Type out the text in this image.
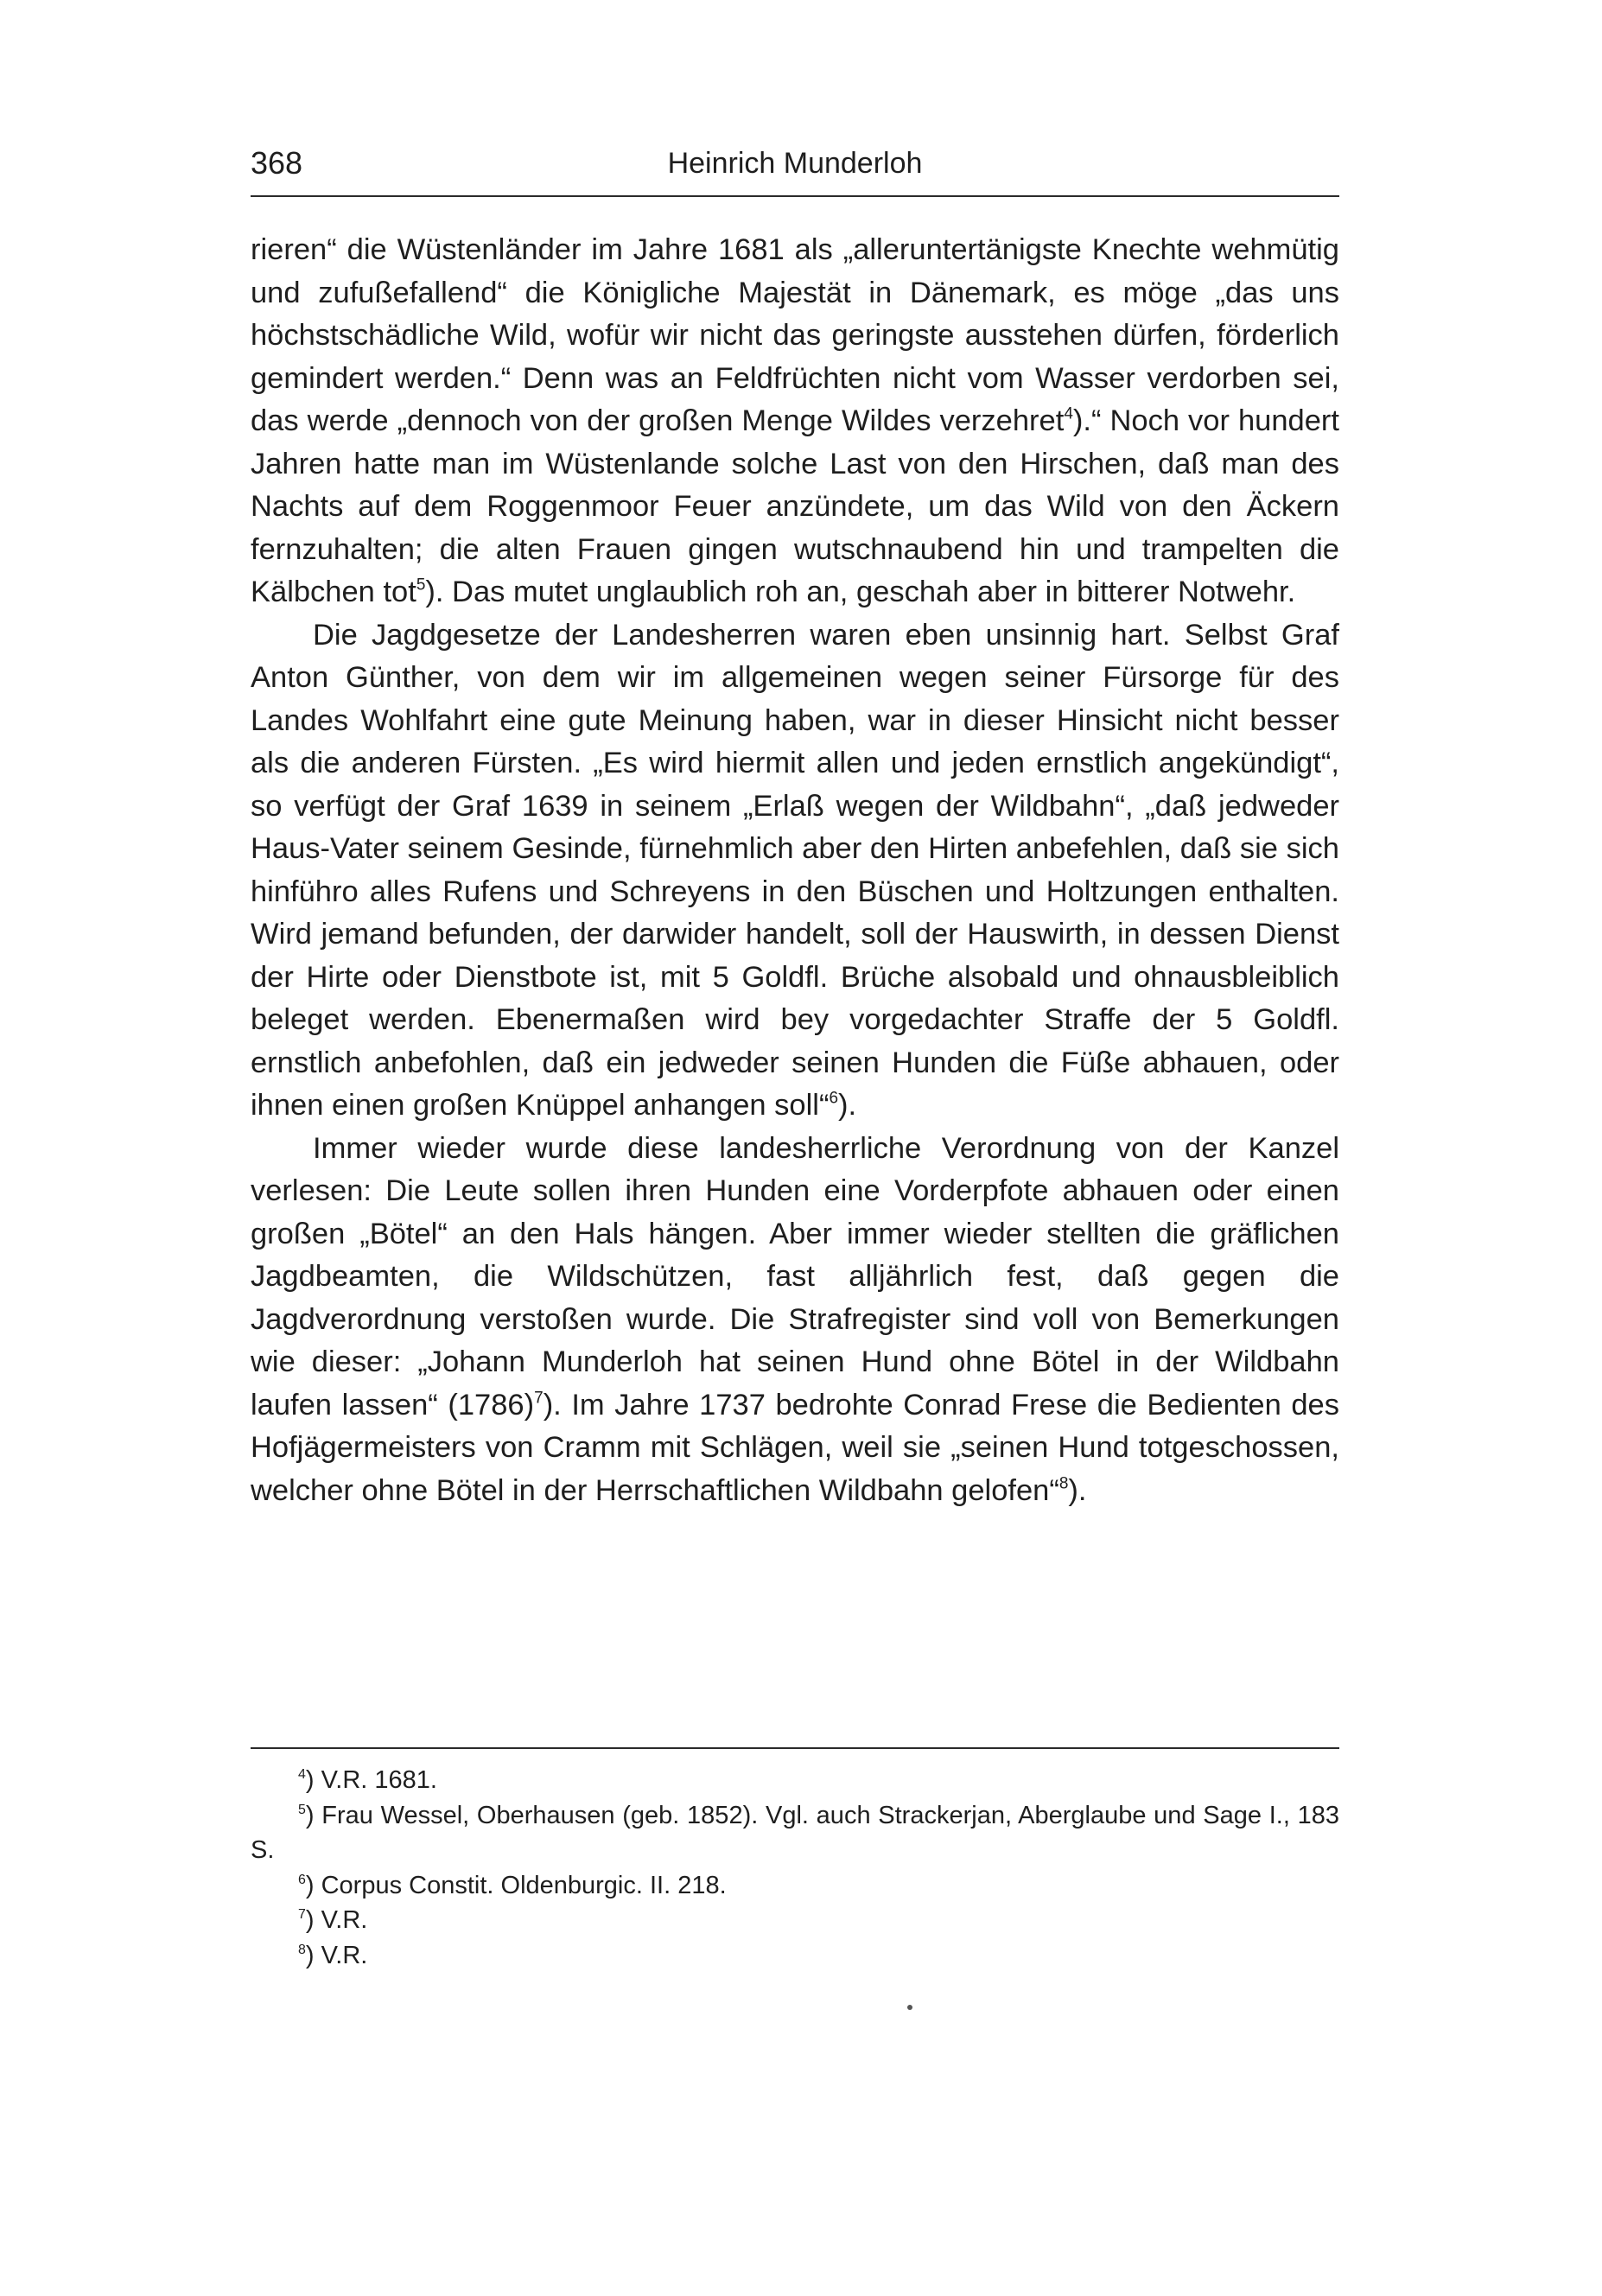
368	Heinrich Munderloh

rieren“ die Wüstenländer im Jahre 1681 als „alleruntertänigste Knechte wehmütig und zufußefallend“ die Königliche Majestät in Dänemark, es möge „das uns höchstschädliche Wild, wofür wir nicht das geringste ausstehen dürfen, förderlich gemindert werden.“ Denn was an Feldfrüchten nicht vom Wasser verdorben sei, das werde „dennoch von der großen Menge Wildes verzehret$^4$).“ Noch vor hundert Jahren hatte man im Wüstenlande solche Last von den Hirschen, daß man des Nachts auf dem Roggenmoor Feuer anzündete, um das Wild von den Äckern fernzuhalten; die alten Frauen gingen wutschnaubend hin und trampelten die Kälbchen tot$^5$). Das mutet unglaublich roh an, geschah aber in bitterer Notwehr.

Die Jagdgesetze der Landesherren waren eben unsinnig hart. Selbst Graf Anton Günther, von dem wir im allgemeinen wegen seiner Fürsorge für des Landes Wohlfahrt eine gute Meinung haben, war in dieser Hinsicht nicht besser als die anderen Fürsten. „Es wird hiermit allen und jeden ernstlich angekündigt“, so verfügt der Graf 1639 in seinem „Erlaß wegen der Wildbahn“, „daß jedweder Haus-Vater seinem Gesinde, fürnehmlich aber den Hirten anbefehlen, daß sie sich hinführo alles Rufens und Schreyens in den Büschen und Holtzungen enthalten. Wird jemand befunden, der darwider handelt, soll der Hauswirth, in dessen Dienst der Hirte oder Dienstbote ist, mit 5 Goldfl. Brüche alsobald und ohnausbleiblich beleget werden. Ebenermaßen wird bey vorgedachter Straffe der 5 Goldfl. ernstlich anbefohlen, daß ein jedweder seinen Hunden die Füße abhauen, oder ihnen einen großen Knüppel anhangen soll“$^6$).

Immer wieder wurde diese landesherrliche Verordnung von der Kanzel verlesen: Die Leute sollen ihren Hunden eine Vorderpfote abhauen oder einen großen „Bötel“ an den Hals hängen. Aber immer wieder stellten die gräflichen Jagdbeamten, die Wildschützen, fast alljährlich fest, daß gegen die Jagdverordnung verstoßen wurde. Die Strafregister sind voll von Bemerkungen wie dieser: „Johann Munderloh hat seinen Hund ohne Bötel in der Wildbahn laufen lassen“ $(1786)^7$). Im Jahre 1737 bedrohte Conrad Frese die Bedienten des Hofjägermeisters von Cramm mit Schlägen, weil sie „seinen Hund totgeschossen, welcher ohne Bötel in der Herrschaftlichen Wildbahn gelofen“$^8$).

$^4$) V.R. 1681.
$^5$) Frau Wessel, Oberhausen (geb. 1852). Vgl. auch Strackerjan, Aberglaube und Sage I., 183 S.
$^6$) Corpus Constit. Oldenburgic. II. 218.
$^7$) V.R.
$^8$) V.R.
